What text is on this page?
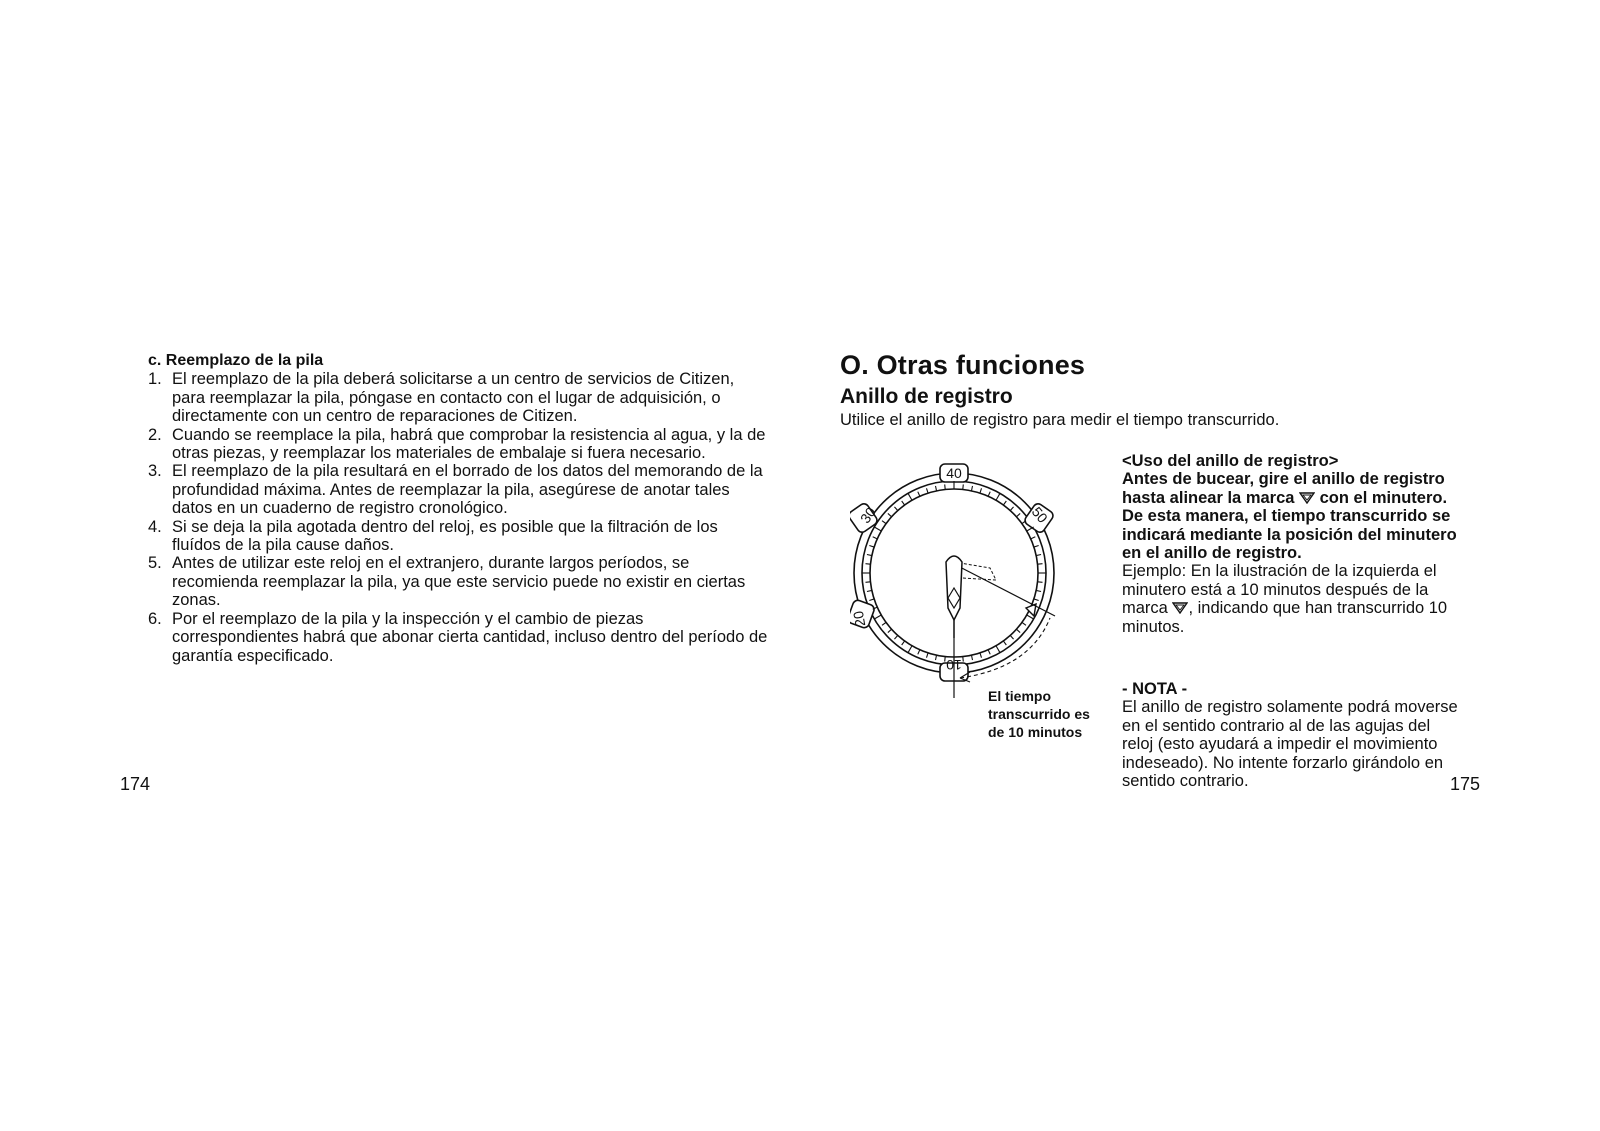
c. Reemplazo de la pila
1. El reemplazo de la pila deberá solicitarse a un centro de servicios de Citizen, para reemplazar la pila, póngase en contacto con el lugar de adquisición, o directamente con un centro de reparaciones de Citizen.
2. Cuando se reemplace la pila, habrá que comprobar la resistencia al agua, y la de otras piezas, y reemplazar los materiales de embalaje si fuera necesario.
3. El reemplazo de la pila resultará en el borrado de los datos del memorando de la profundidad máxima. Antes de reemplazar la pila, asegúrese de anotar tales datos en un cuaderno de registro cronológico.
4. Si se deja la pila agotada dentro del reloj, es posible que la filtración de los fluídos de la pila cause daños.
5. Antes de utilizar este reloj en el extranjero, durante largos períodos, se recomienda reemplazar la pila, ya que este servicio puede no existir en ciertas zonas.
6. Por el reemplazo de la pila y la inspección y el cambio de piezas correspondientes habrá que abonar cierta cantidad, incluso dentro del período de garantía especificado.
174
O. Otras funciones
Anillo de registro
Utilice el anillo de registro para medir el tiempo transcurrido.
40
50
30
20
10
El tiempo
transcurrido es
de 10 minutos
<Uso del anillo de registro>
Antes de bucear, gire el anillo de registro hasta alinear la marca con el minutero. De esta manera, el tiempo transcurrido se indicará mediante la posición del minutero en el anillo de registro.
Ejemplo: En la ilustración de la izquierda el minutero está a 10 minutos después de la marca , indicando que han transcurrido 10 minutos.
- NOTA -
El anillo de registro solamente podrá moverse en el sentido contrario al de las agujas del reloj (esto ayudará a impedir el movimiento indeseado). No intente forzarlo girándolo en sentido contrario.	175
